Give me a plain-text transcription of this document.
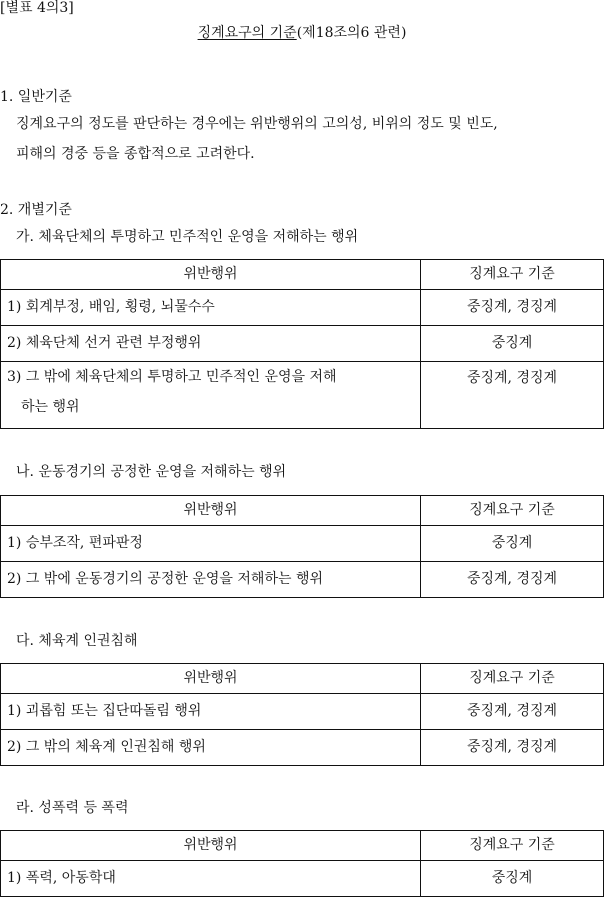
[별표 4의3]
징계요구의 기준(제18조의6 관련)
1. 일반기준
징계요구의 정도를 판단하는 경우에는 위반행위의 고의성, 비위의 정도 및 빈도,
피해의 경중 등을 종합적으로 고려한다.
2. 개별기준
가. 체육단체의 투명하고 민주적인 운영을 저해하는 행위
위반행위	징계요구 기준
1) 회계부정, 배임, 횡령, 뇌물수수	중징계, 경징계
2) 체육단체 선거 관련 부정행위	중징계

3) 그 밖에 체육단체의 투명하고 민주적인 운영을 저해
하는 행위	중징계, 경징계
나. 운동경기의 공정한 운영을 저해하는 행위
위반행위	징계요구 기준
1) 승부조작, 편파판정	중징계
2) 그 밖에 운동경기의 공정한 운영을 저해하는 행위	중징계, 경징계
다. 체육계 인권침해
위반행위	징계요구 기준
1) 괴롭힘 또는 집단따돌림 행위	중징계, 경징계
2) 그 밖의 체육계 인권침해 행위	중징계, 경징계
라. 성폭력 등 폭력
위반행위	징계요구 기준
1) 폭력, 아동학대	중징계
